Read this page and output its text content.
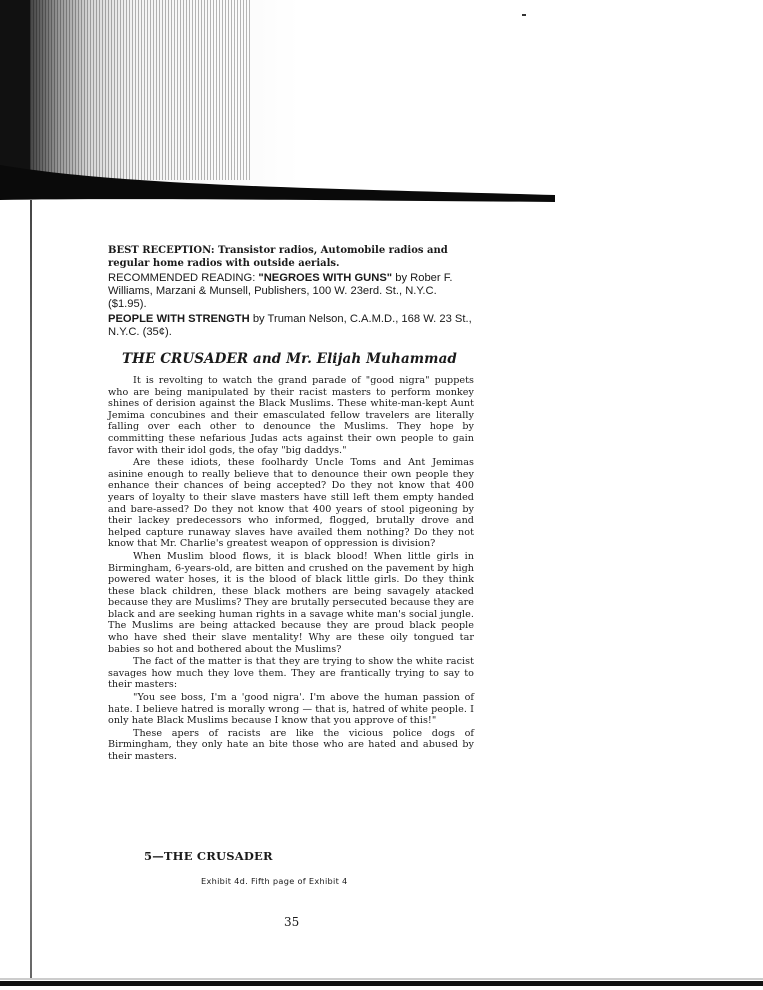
BEST RECEPTION: Transistor radios, Automobile radios and regular home radios with outside aerials.

RECOMMENDED READING: "NEGROES WITH GUNS" by Rober F. Williams, Marzani & Munsell, Publishers, 100 W. 23erd. St., N.Y.C. ($1.95).

PEOPLE WITH STRENGTH by Truman Nelson, C.A.M.D., 168 W. 23 St., N.Y.C. (35¢).

THE CRUSADER and Mr. Elijah Muhammad

It is revolting to watch the grand parade of "good nigra" puppets who are being manipulated by their racist masters to perform monkey shines of derision against the Black Muslims. These white-man-kept Aunt Jemima concubines and their emasculated fellow travelers are literally falling over each other to denounce the Muslims. They hope by committing these nefarious Judas acts against their own people to gain favor with their idol gods, the ofay "big daddys."

Are these idiots, these foolhardy Uncle Toms and Ant Jemimas asinine enough to really believe that to denounce their own people they enhance their chances of being accepted? Do they not know that 400 years of loyalty to their slave masters have still left them empty handed and bare-assed? Do they not know that 400 years of stool pigeoning by their lackey predecessors who informed, flogged, brutally drove and helped capture runaway slaves have availed them nothing? Do they not know that Mr. Charlie's greatest weapon of oppression is division?

When Muslim blood flows, it is black blood! When little girls in Birmingham, 6-years-old, are bitten and crushed on the pavement by high powered water hoses, it is the blood of black little girls. Do they think these black children, these black mothers are being savagely atacked because they are Muslims? They are brutally persecuted because they are black and are seeking human rights in a savage white man's social jungle. The Muslims are being attacked because they are proud black people who have shed their slave mentality! Why are these oily tongued tar babies so hot and bothered about the Muslims?

The fact of the matter is that they are trying to show the white racist savages how much they love them. They are frantically trying to say to their masters:

"You see boss, I'm a 'good nigra'. I'm above the human passion of hate. I believe hatred is morally wrong — that is, hatred of white people. I only hate Black Muslims because I know that you approve of this!"

These apers of racists are like the vicious police dogs of Birmingham, they only hate an bite those who are hated and abused by their masters.

5—THE CRUSADER
Exhibit 4d. Fifth page of Exhibit 4
35
